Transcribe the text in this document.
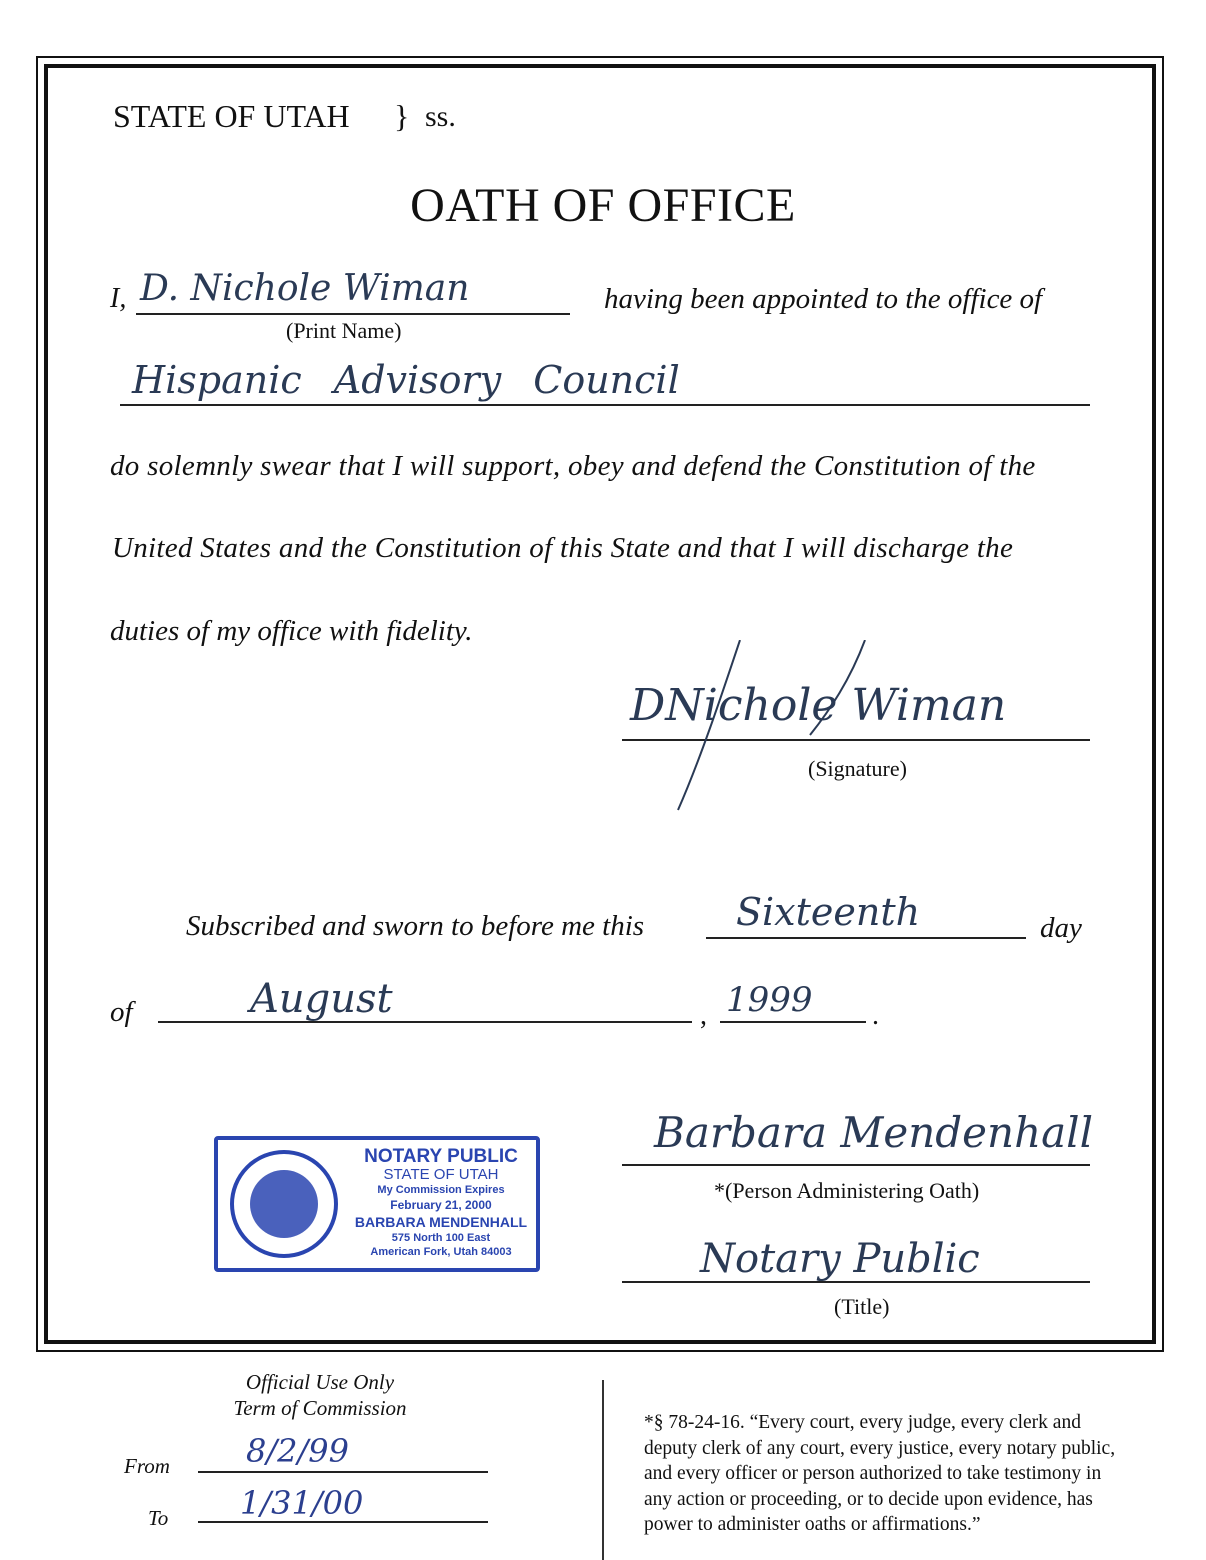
STATE OF UTAH } ss.
OATH OF OFFICE
I, D. Nichole Wiman
(Print Name)
having been appointed to the office of
Hispanic Advisory Council
do solemnly swear that I will support, obey and defend the Constitution of the
United States and the Constitution of this State and that I will discharge the
duties of my office with fidelity.
DNichole Wiman
(Signature)
Subscribed and sworn to before me this Sixteenth	day
of	August	, 1999 .
NOTARY PUBLIC
STATE OF UTAH
My Commission Expires
February 21, 2000
BARBARA MENDENHALL
575 North 100 East
American Fork, Utah 84003
Barbara Mendenhall
*(Person Administering Oath)
Notary Public
(Title)
Official Use Only
Term of Commission
From 8/2/99
To 1/31/00
*§ 78-24-16. “Every court, every judge, every clerk and
deputy clerk of any court, every justice, every notary public,
and every officer or person authorized to take testimony in
any action or proceeding, or to decide upon evidence, has
power to administer oaths or affirmations.”
